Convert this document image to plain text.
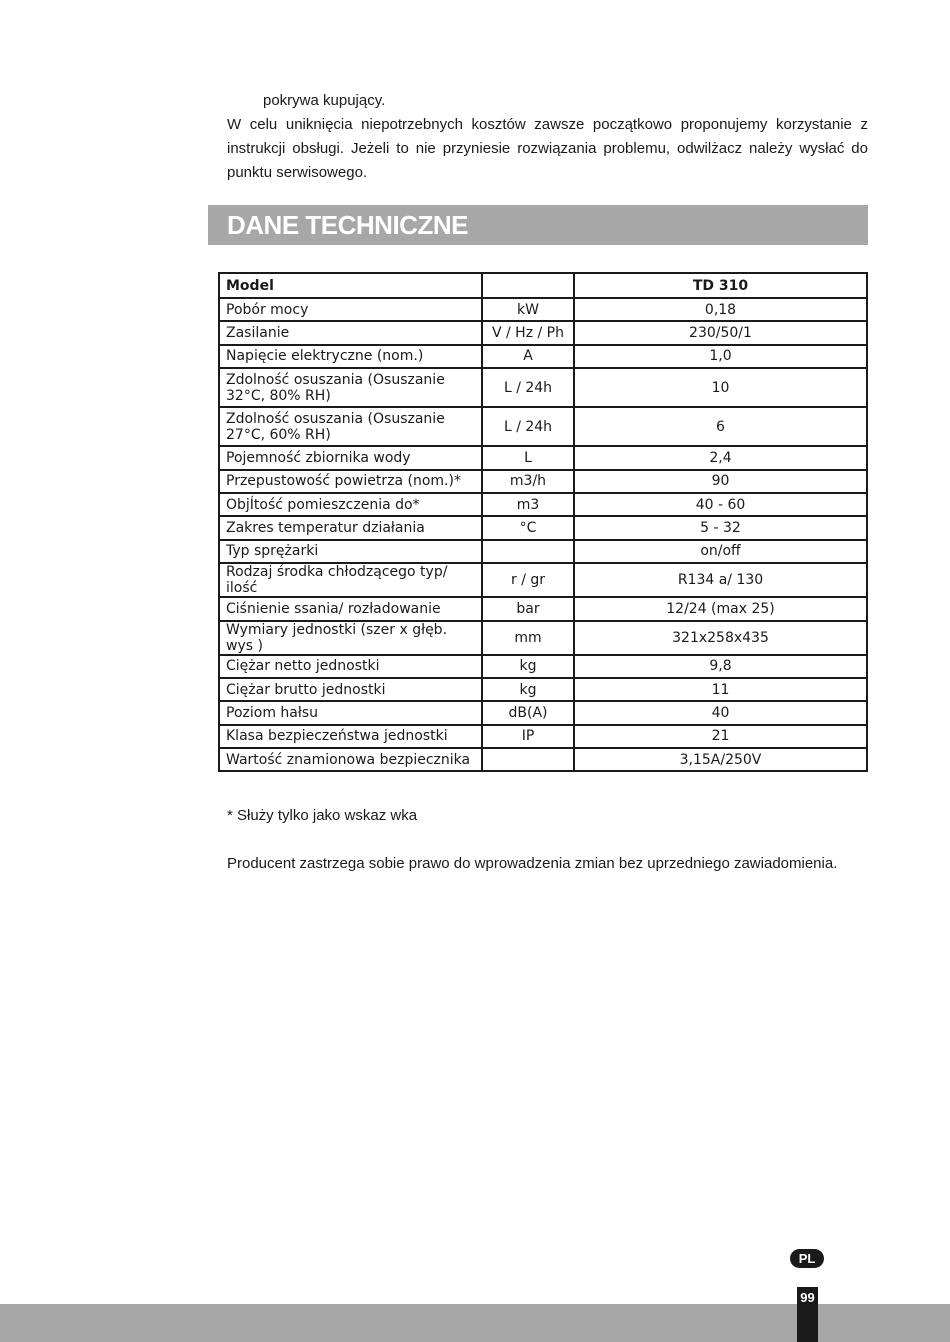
pokrywa kupujący.

W celu uniknięcia niepotrzebnych kosztów zawsze początkowo proponujemy korzystanie z instrukcji obsługi. Jeżeli to nie przyniesie rozwiązania problemu, odwilżacz należy wysłać do punktu serwisowego.

DANE TECHNICZNE
Model		TD 310
Pobór mocy	kW	0,18
Zasilanie	V / Hz / Ph	230/50/1
Napięcie elektryczne (nom.)	A	1,0
Zdolność osuszania (Osuszanie 32°C, 80% RH)	L / 24h	10
Zdolność osuszania (Osuszanie 27°C, 60% RH)	L / 24h	6
Pojemność zbiornika wody	L	2,4
Przepustowość powietrza (nom.)*	m3/h	90
ObjÍtość pomieszczenia do*	m3	40 - 60
Zakres temperatur działania	°C	5 - 32
Typ sprężarki		on/off
Rodzaj środka chłodzącego typ/ ilość	r / gr	R134 a/ 130
Ciśnienie ssania/ rozładowanie	bar	12/24 (max 25)
Wymiary jednostki (szer x głęb. wys )	mm	321x258x435
Ciężar netto jednostki	kg	9,8
Ciężar brutto jednostki	kg	11
Poziom hałsu	dB(A)	40
Klasa bezpieczeństwa jednostki	IP	21
Wartość znamionowa bezpiecznika		3,15A/250V
* Służy tylko jako wskaz wka
Producent zastrzega sobie prawo do wprowadzenia zmian bez uprzedniego zawiadomienia.
PL
99
